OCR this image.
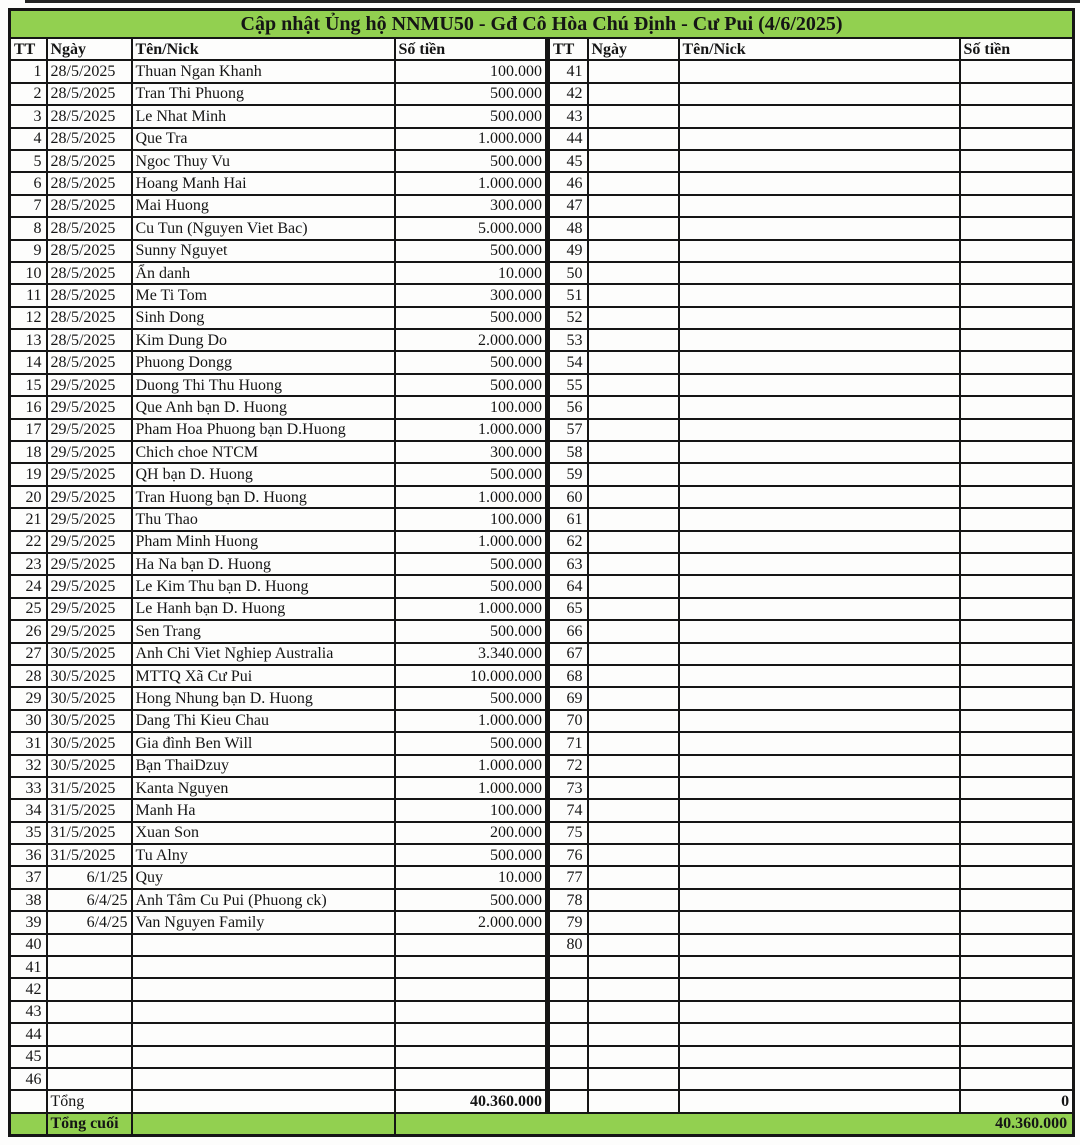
Cập nhật Ủng hộ NNMU50 - Gđ Cô Hòa Chú Định - Cư Pui (4/6/2025)							
TT	Ngày	Tên/Nick	Số tiền	TT	Ngày	Tên/Nick	Số tiền
1	28/5/2025	Thuan Ngan Khanh	100.000	41			
2	28/5/2025	Tran Thi Phuong	500.000	42			
3	28/5/2025	Le Nhat Minh	500.000	43			
4	28/5/2025	Que Tra	1.000.000	44			
5	28/5/2025	Ngoc Thuy Vu	500.000	45			
6	28/5/2025	Hoang Manh Hai	1.000.000	46			
7	28/5/2025	Mai Huong	300.000	47			
8	28/5/2025	Cu Tun (Nguyen Viet Bac)	5.000.000	48			
9	28/5/2025	Sunny Nguyet	500.000	49			
10	28/5/2025	Ẩn danh	10.000	50			
11	28/5/2025	Me Ti Tom	300.000	51			
12	28/5/2025	Sinh Dong	500.000	52			
13	28/5/2025	Kim Dung Do	2.000.000	53			
14	28/5/2025	Phuong Dongg	500.000	54			
15	29/5/2025	Duong Thi Thu Huong	500.000	55			
16	29/5/2025	Que Anh bạn D. Huong	100.000	56			
17	29/5/2025	Pham Hoa Phuong bạn D.Huong	1.000.000	57			
18	29/5/2025	Chich choe NTCM	300.000	58			
19	29/5/2025	QH bạn D. Huong	500.000	59			
20	29/5/2025	Tran Huong bạn D. Huong	1.000.000	60			
21	29/5/2025	Thu Thao	100.000	61			
22	29/5/2025	Pham Minh Huong	1.000.000	62			
23	29/5/2025	Ha Na bạn D. Huong	500.000	63			
24	29/5/2025	Le Kim Thu bạn D. Huong	500.000	64			
25	29/5/2025	Le Hanh bạn D. Huong	1.000.000	65			
26	29/5/2025	Sen Trang	500.000	66			
27	30/5/2025	Anh Chi Viet Nghiep Australia	3.340.000	67			
28	30/5/2025	MTTQ Xã Cư Pui	10.000.000	68			
29	30/5/2025	Hong Nhung bạn D. Huong	500.000	69			
30	30/5/2025	Dang Thi Kieu Chau	1.000.000	70			
31	30/5/2025	Gia đình Ben Will	500.000	71			
32	30/5/2025	Bạn ThaiDzuy	1.000.000	72			
33	31/5/2025	Kanta Nguyen	1.000.000	73			
34	31/5/2025	Manh Ha	100.000	74			
35	31/5/2025	Xuan Son	200.000	75			
36	31/5/2025	Tu Alny	500.000	76			
37	6/1/25	Quy	10.000	77			
38	6/4/25	Anh Tâm Cu Pui (Phuong ck)	500.000	78			
39	6/4/25	Van Nguyen Family	2.000.000	79			
40				80			
41							
42							
43							
44							
45							
46							
	Tổng		40.360.000				0
	Tổng cuối		40.360.000				
